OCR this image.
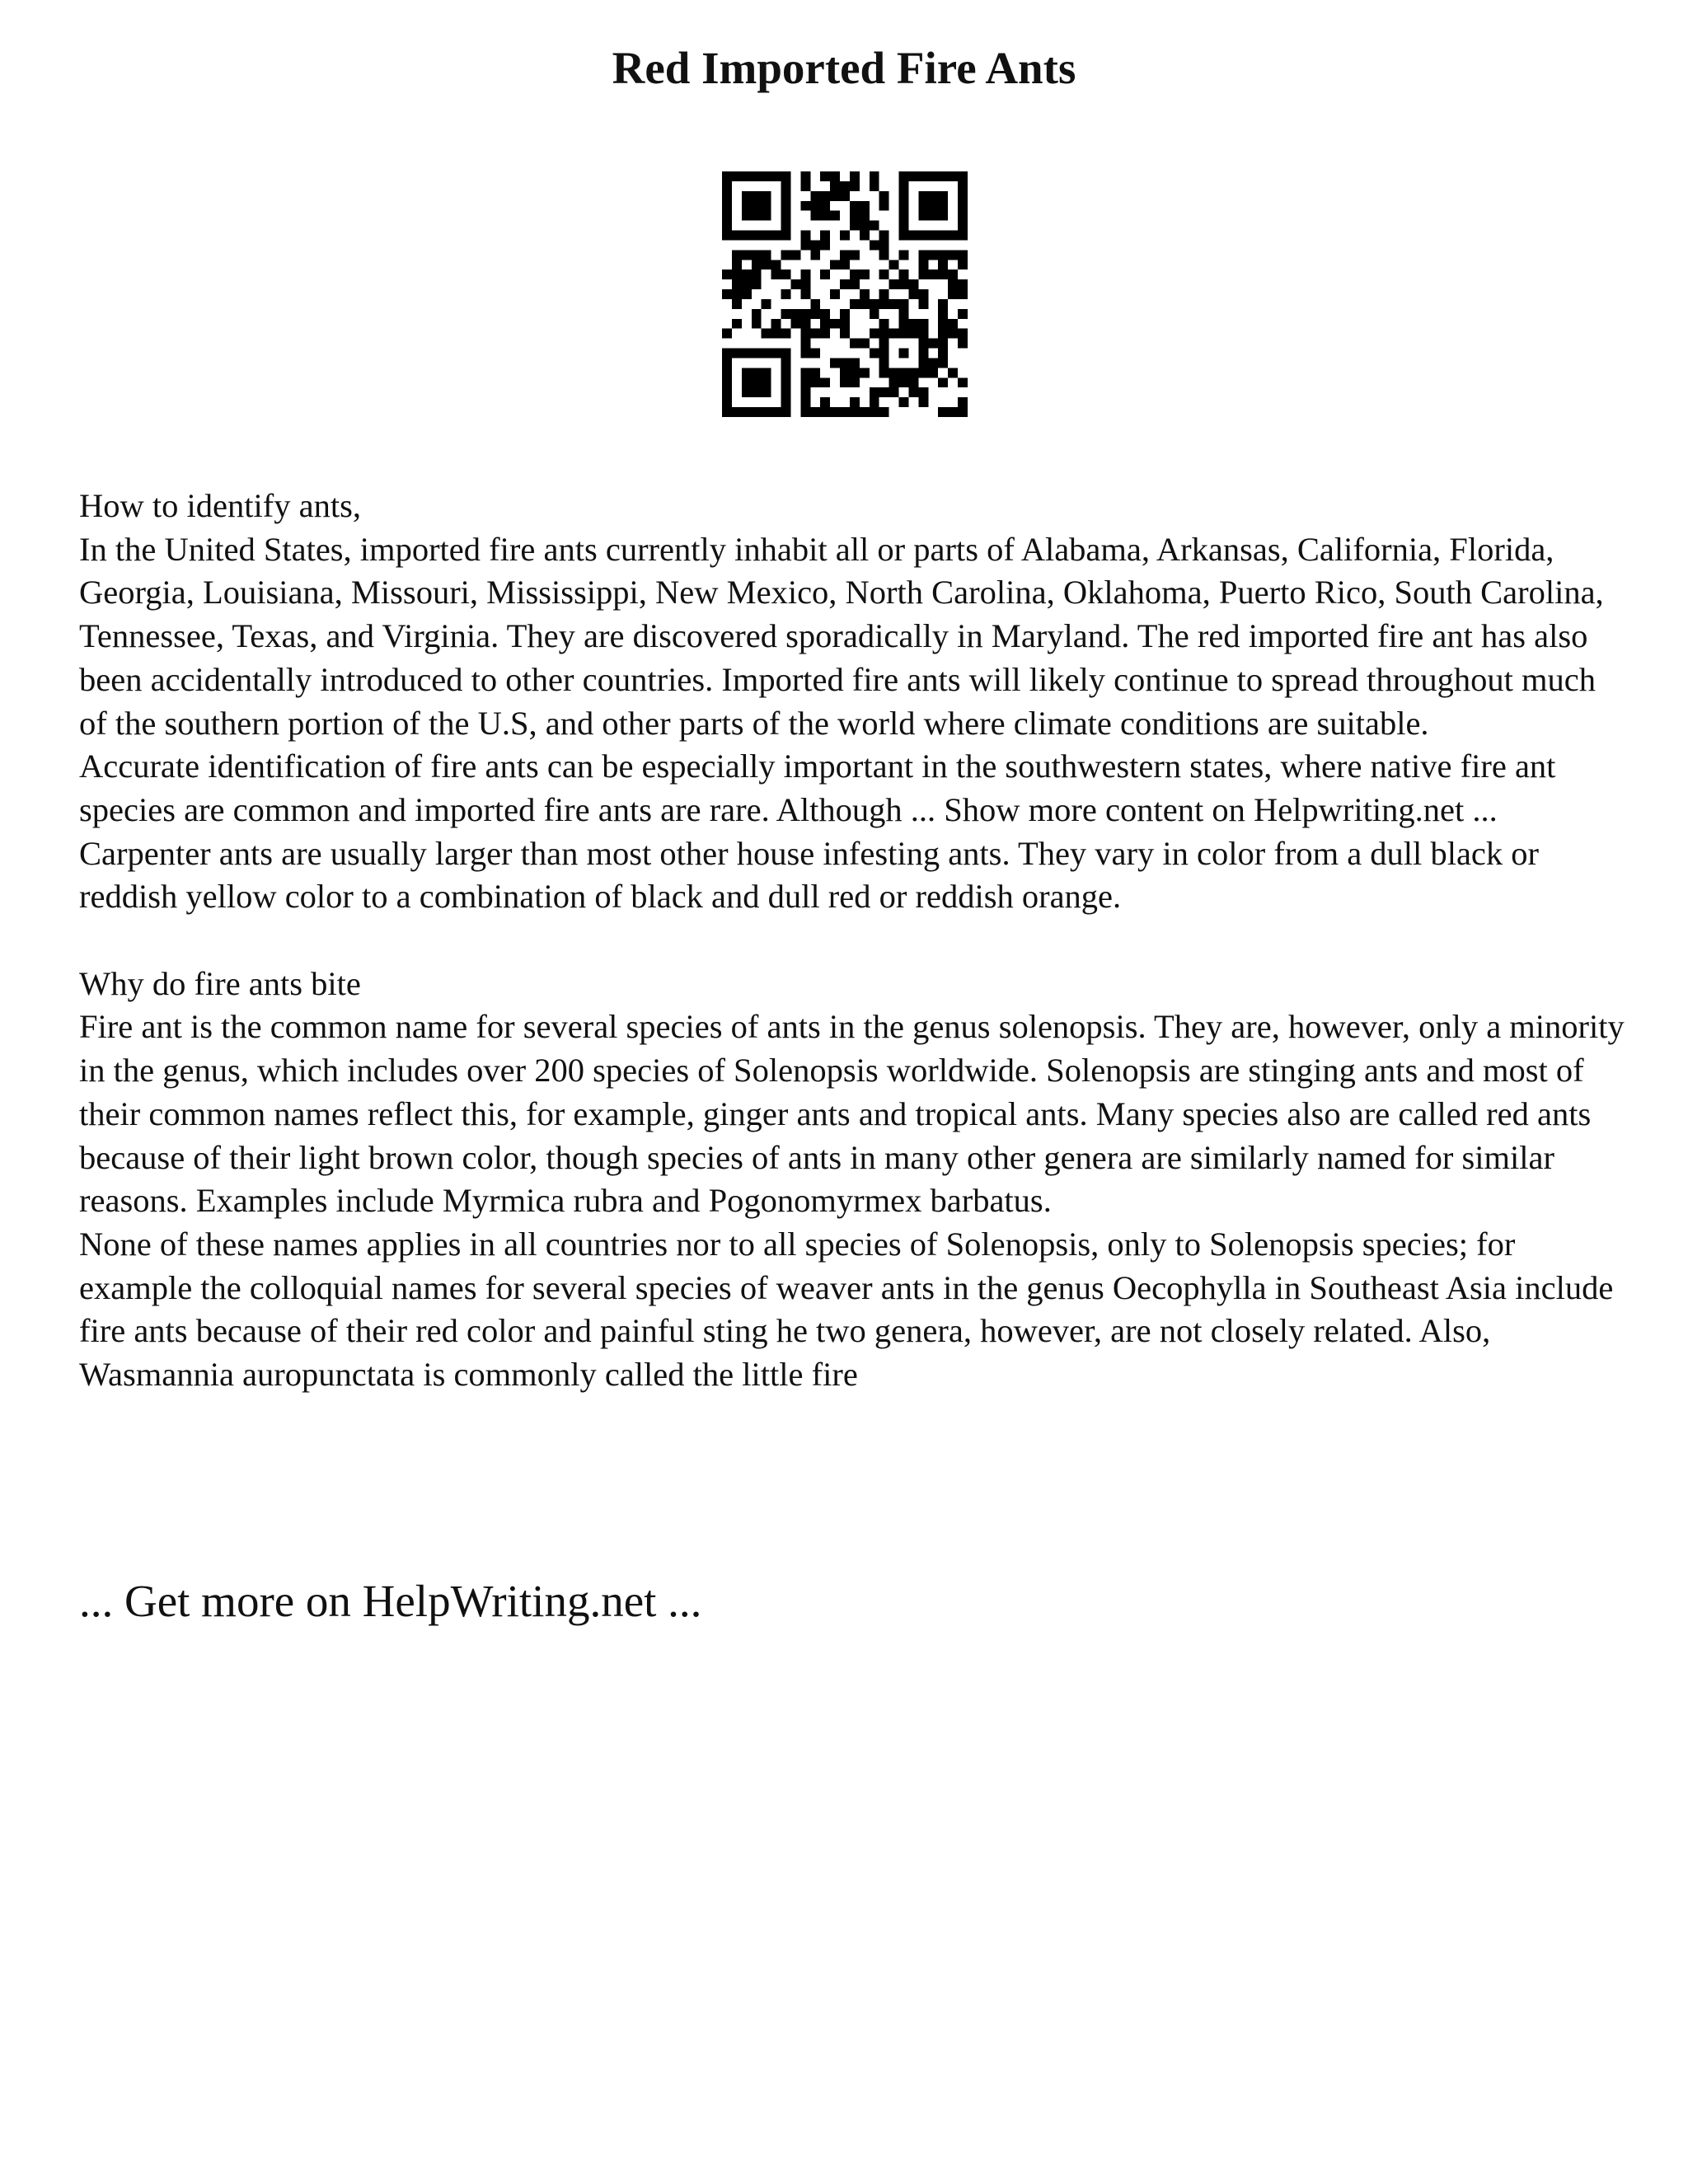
Red Imported Fire Ants

How to identify ants,

In the United States, imported fire ants currently inhabit all or parts of Alabama, Arkansas, California, Florida, Georgia, Louisiana, Missouri, Mississippi, New Mexico, North Carolina, Oklahoma, Puerto Rico, South Carolina, Tennessee, Texas, and Virginia. They are discovered sporadically in Maryland. The red imported fire ant has also been accidentally introduced to other countries. Imported fire ants will likely continue to spread throughout much of the southern portion of the U.S, and other parts of the world where climate conditions are suitable.

Accurate identification of fire ants can be especially important in the southwestern states, where native fire ant species are common and imported fire ants are rare. Although ... Show more content on Helpwriting.net ...

Carpenter ants are usually larger than most other house infesting ants. They vary in color from a dull black or reddish yellow color to a combination of black and dull red or reddish orange.

Why do fire ants bite

Fire ant is the common name for several species of ants in the genus solenopsis. They are, however, only a minority in the genus, which includes over 200 species of Solenopsis worldwide. Solenopsis are stinging ants and most of their common names reflect this, for example, ginger ants and tropical ants. Many species also are called red ants because of their light brown color, though species of ants in many other genera are similarly named for similar reasons. Examples include Myrmica rubra and Pogonomyrmex barbatus.

None of these names applies in all countries nor to all species of Solenopsis, only to Solenopsis species; for example the colloquial names for several species of weaver ants in the genus Oecophylla in Southeast Asia include fire ants because of their red color and painful sting he two genera, however, are not closely related. Also, Wasmannia auropunctata is commonly called the little fire

... Get more on HelpWriting.net ...
